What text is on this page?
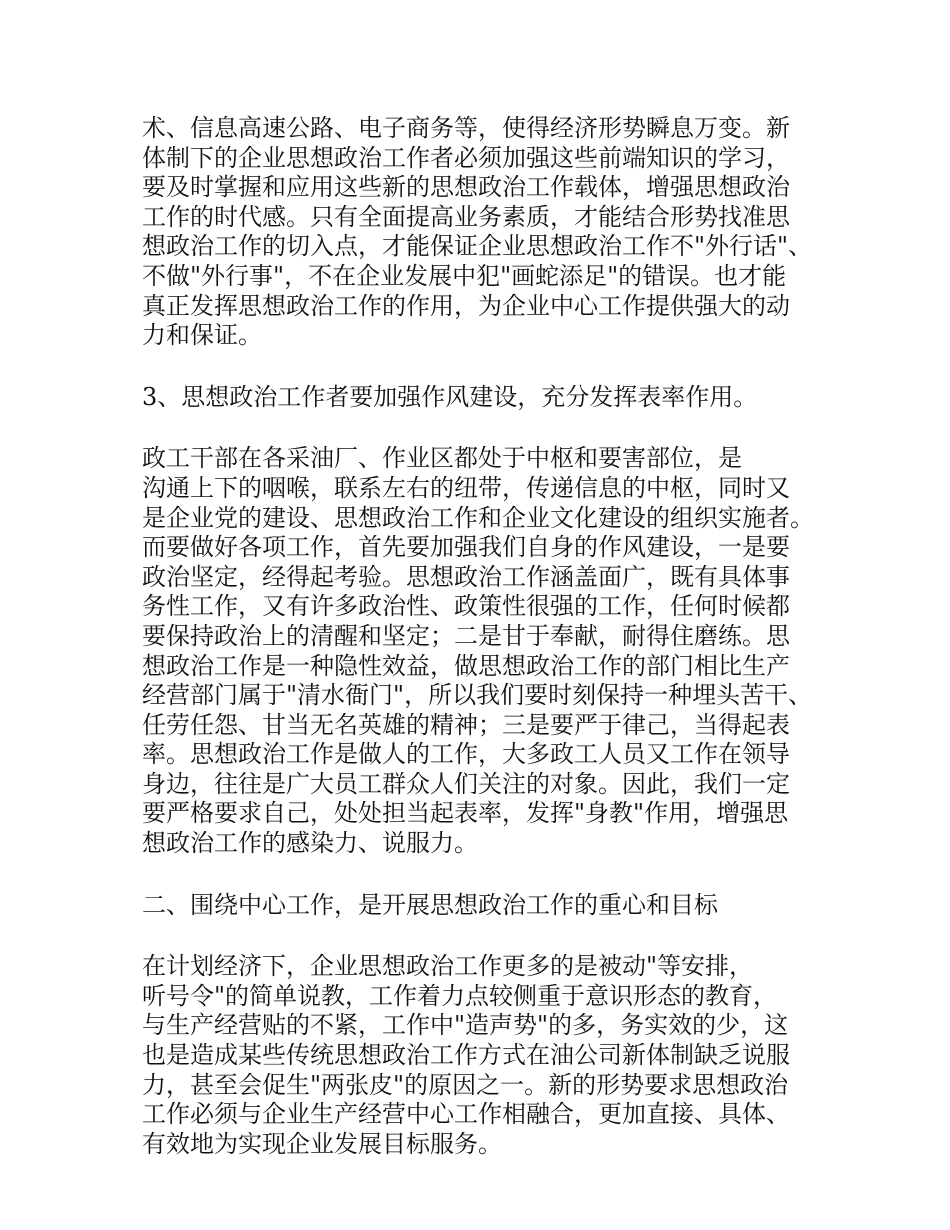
术、信息高速公路、电子商务等，使得经济形势瞬息万变。新
体制下的企业思想政治工作者必须加强这些前端知识的学习，
要及时掌握和应用这些新的思想政治工作载体，增强思想政治
工作的时代感。只有全面提高业务素质，才能结合形势找准思
想政治工作的切入点，才能保证企业思想政治工作不"外行话"、
不做"外行事"，不在企业发展中犯"画蛇添足"的错误。也才能
真正发挥思想政治工作的作用，为企业中心工作提供强大的动
力和保证。

3、思想政治工作者要加强作风建设，充分发挥表率作用。

政工干部在各采油厂、作业区都处于中枢和要害部位，是
沟通上下的咽喉，联系左右的纽带，传递信息的中枢，同时又
是企业党的建设、思想政治工作和企业文化建设的组织实施者。
而要做好各项工作，首先要加强我们自身的作风建设，一是要
政治坚定，经得起考验。思想政治工作涵盖面广，既有具体事
务性工作，又有许多政治性、政策性很强的工作，任何时候都
要保持政治上的清醒和坚定；二是甘于奉献，耐得住磨练。思
想政治工作是一种隐性效益，做思想政治工作的部门相比生产
经营部门属于"清水衙门"，所以我们要时刻保持一种埋头苦干、
任劳任怨、甘当无名英雄的精神；三是要严于律己，当得起表
率。思想政治工作是做人的工作，大多政工人员又工作在领导
身边，往往是广大员工群众人们关注的对象。因此，我们一定
要严格要求自己，处处担当起表率，发挥"身教"作用，增强思
想政治工作的感染力、说服力。

二、围绕中心工作，是开展思想政治工作的重心和目标

在计划经济下，企业思想政治工作更多的是被动"等安排，
听号令"的简单说教，工作着力点较侧重于意识形态的教育，
与生产经营贴的不紧，工作中"造声势"的多，务实效的少，这
也是造成某些传统思想政治工作方式在油公司新体制缺乏说服
力，甚至会促生"两张皮"的原因之一。新的形势要求思想政治
工作必须与企业生产经营中心工作相融合，更加直接、具体、
有效地为实现企业发展目标服务。
